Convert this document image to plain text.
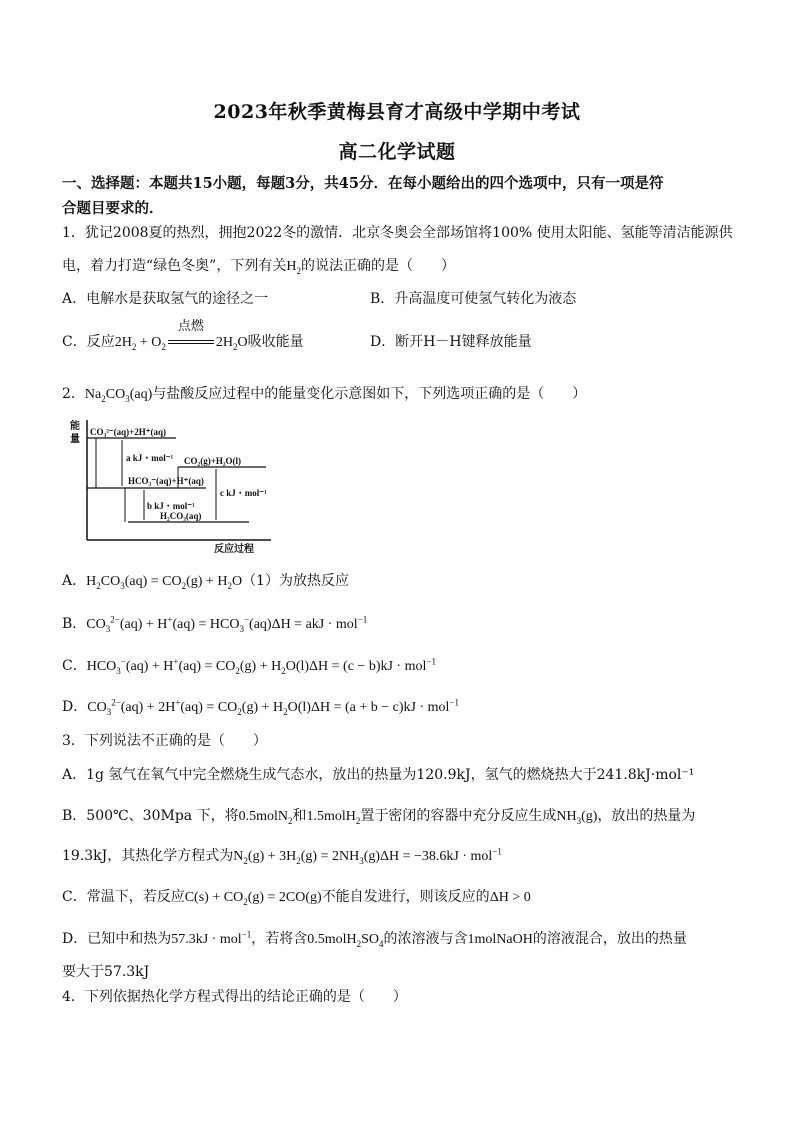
2023年秋季黄梅县育才高级中学期中考试
高二化学试题
一、选择题：本题共15小题，每题3分，共45分．在每小题给出的四个选项中，只有一项是符
合题目要求的．
1．犹记2008夏的热烈，拥抱2022冬的激情．北京冬奥会全部场馆将100% 使用太阳能、氢能等清洁能源供
电，着力打造“绿色冬奥”，下列有关$H_2$的说法正确的是（　　）
A．电解水是获取氢气的途径之一	B．升高温度可使氢气转化为液态
C．反应$2H_2 + O_2$
点燃
$2H_2O$吸收能量	D．断开H－H键释放能量
2．$Na_2CO_3(aq)$与盐酸反应过程中的能量变化示意图如下，下列选项正确的是（　　）
能
量
反应过程
CO₃²⁻(aq)+2H⁺(aq)
CO₂(g)+H₂O(l)
HCO₃⁻(aq)+H⁺(aq)
H₂CO₃(aq)
a kJ・mol⁻¹
b kJ・mol⁻¹
c kJ・mol⁻¹
A．$H_2CO_3(aq) = CO_2(g) + H_2O(1)$为放热反应
B．$CO_3^{2-}(aq) + H^+(aq) = HCO_3^-(aq)\Delta H$ = akJ · mol$^{-1}$
C．$HCO_3^-(aq) + H^+(aq) = CO_2(g) + H_2O(l)\Delta H = (c - b)kJ \cdot mol^{-1}$
D．$CO_3^{2-}(aq) + 2H^+(aq) = CO_2(g) + H_2O(l)\Delta H = (a + b - c)kJ \cdot mol^{-1}$
3．下列说法不正确的是（　　）
A．1g 氢气在氧气中完全燃烧生成气态水，放出的热量为120.9kJ，氢气的燃烧热大于241.8kJ·mol⁻¹
B．500℃、30Mpa 下，将0.5molN$_2$和1.5molH$_2$置于密闭的容器中充分反应生成$NH_3(g)$，放出的热量为
19.3kJ，其热化学方程式为$N_2(g) + 3H_2(g) = 2NH_3(g)\Delta H = -38.6kJ \cdot mol^{-1}$
C．常温下，若反应$C(s) + CO_2(g) = 2CO(g)$不能自发进行，则该反应的ΔH > 0
D．已知中和热为57.3kJ · mol$^{-1}$，若将含$0.5molH_2SO_4$的浓溶液与含1molNaOH的溶液混合，放出的热量
要大于57.3kJ
4．下列依据热化学方程式得出的结论正确的是（　　）
